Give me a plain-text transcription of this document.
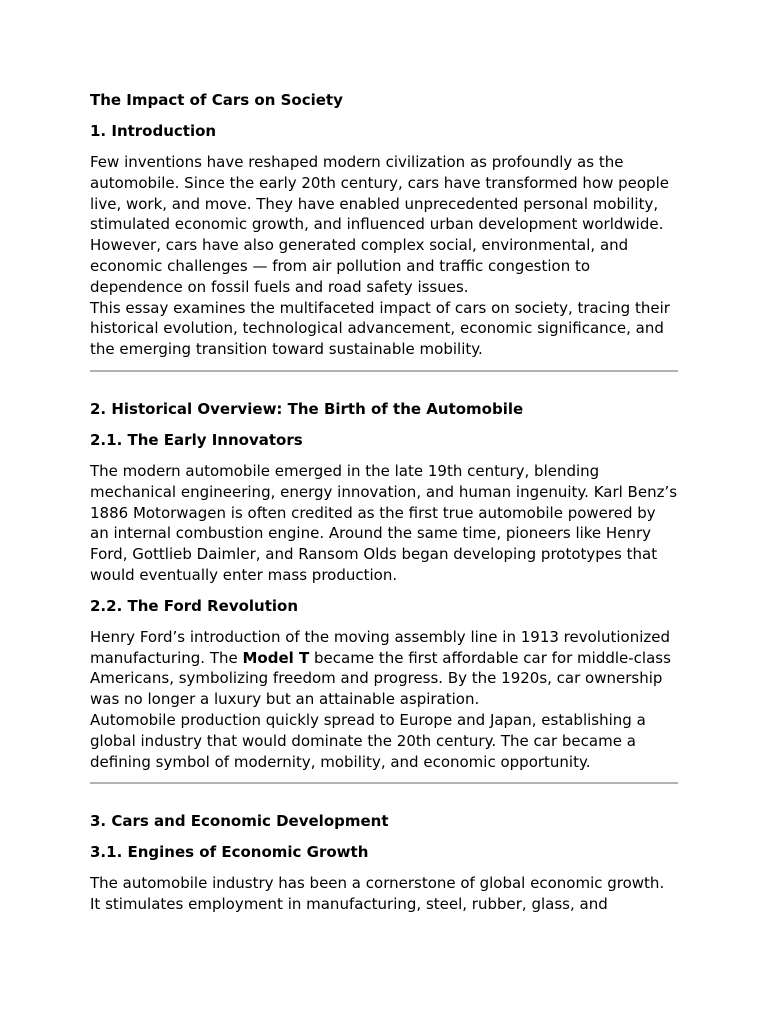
The Impact of Cars on Society
1. Introduction

Few inventions have reshaped modern civilization as profoundly as the automobile. Since the early 20th century, cars have transformed how people live, work, and move. They have enabled unprecedented personal mobility, stimulated economic growth, and influenced urban development worldwide. However, cars have also generated complex social, environmental, and economic challenges — from air pollution and traffic congestion to dependence on fossil fuels and road safety issues.

This essay examines the multifaceted impact of cars on society, tracing their historical evolution, technological advancement, economic significance, and the emerging transition toward sustainable mobility.

2. Historical Overview: The Birth of the Automobile
2.1. The Early Innovators

The modern automobile emerged in the late 19th century, blending mechanical engineering, energy innovation, and human ingenuity. Karl Benz’s 1886 Motorwagen is often credited as the first true automobile powered by an internal combustion engine. Around the same time, pioneers like Henry Ford, Gottlieb Daimler, and Ransom Olds began developing prototypes that would eventually enter mass production.

2.2. The Ford Revolution

Henry Ford’s introduction of the moving assembly line in 1913 revolutionized manufacturing. The Model T became the first affordable car for middle-class Americans, symbolizing freedom and progress. By the 1920s, car ownership was no longer a luxury but an attainable aspiration.

Automobile production quickly spread to Europe and Japan, establishing a global industry that would dominate the 20th century. The car became a defining symbol of modernity, mobility, and economic opportunity.

3. Cars and Economic Development
3.1. Engines of Economic Growth

The automobile industry has been a cornerstone of global economic growth. It stimulates employment in manufacturing, steel, rubber, glass, and
